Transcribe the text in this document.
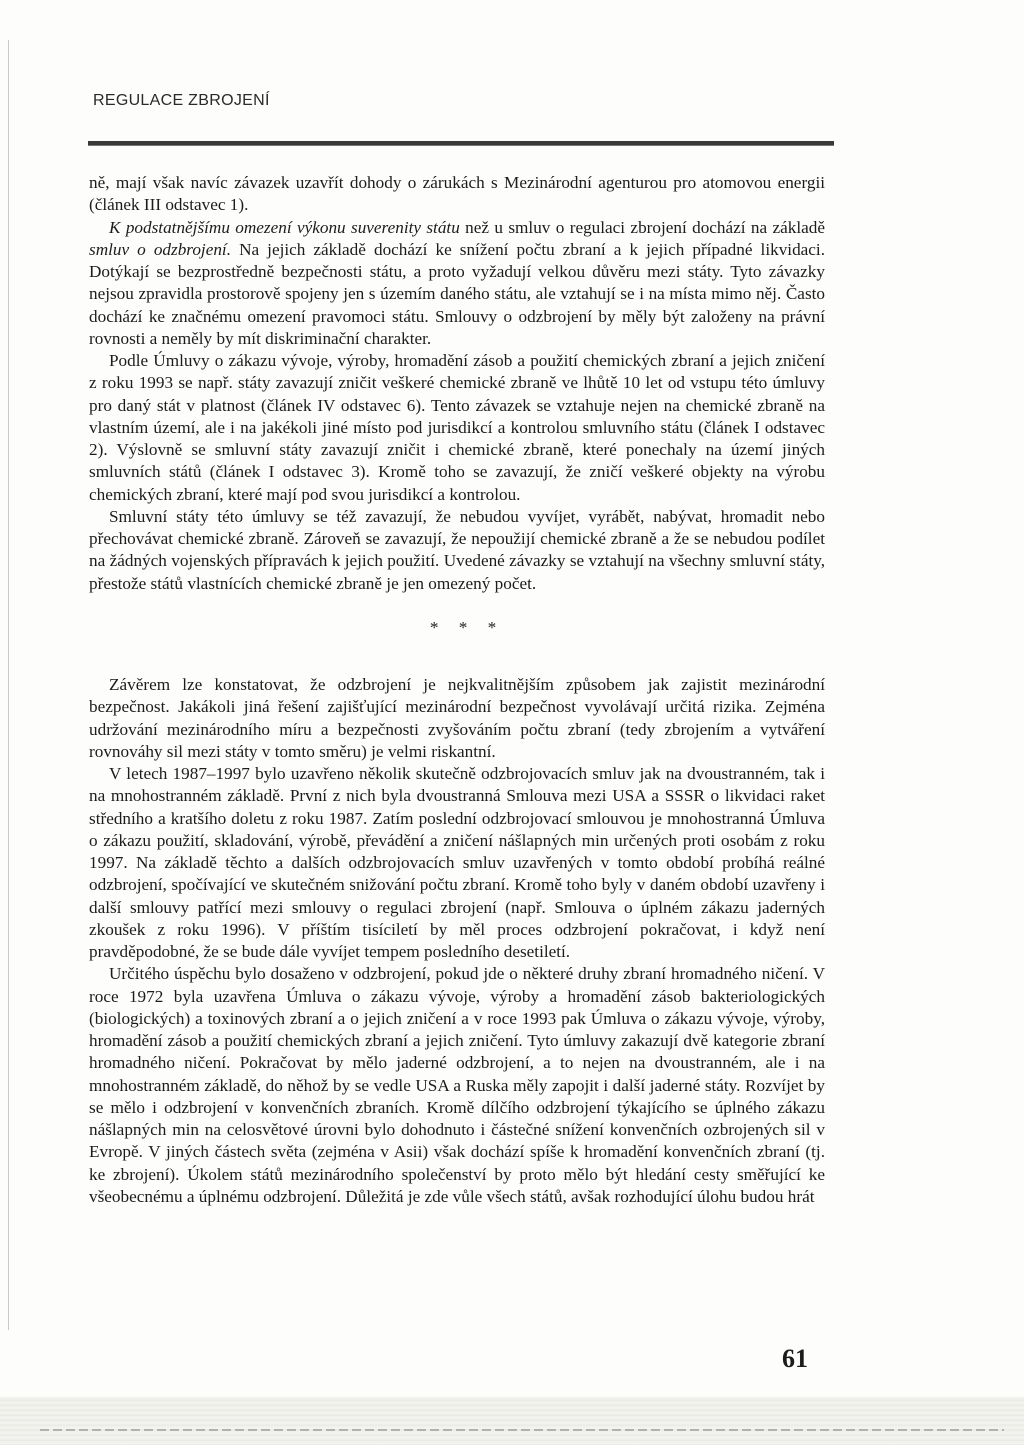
REGULACE ZBROJENÍ

ně, mají však navíc závazek uzavřít dohody o zárukách s Mezinárodní agenturou pro atomovou energii (článek III odstavec 1).

K podstatnějšímu omezení výkonu suverenity státu než u smluv o regulaci zbrojení dochází na základě smluv o odzbrojení. Na jejich základě dochází ke snížení počtu zbraní a k jejich případné likvidaci. Dotýkají se bezprostředně bezpečnosti státu, a proto vyžadují velkou důvěru mezi státy. Tyto závazky nejsou zpravidla prostorově spojeny jen s územím daného státu, ale vztahují se i na místa mimo něj. Často dochází ke značnému omezení pravomoci státu. Smlouvy o odzbrojení by měly být založeny na právní rovnosti a neměly by mít diskriminační charakter.

Podle Úmluvy o zákazu vývoje, výroby, hromadění zásob a použití chemických zbraní a jejich zničení z roku 1993 se např. státy zavazují zničit veškeré chemické zbraně ve lhůtě 10 let od vstupu této úmluvy pro daný stát v platnost (článek IV odstavec 6). Tento závazek se vztahuje nejen na chemické zbraně na vlastním území, ale i na jakékoli jiné místo pod jurisdikcí a kontrolou smluvního státu (článek I odstavec 2). Výslovně se smluvní státy zavazují zničit i chemické zbraně, které ponechaly na území jiných smluvních států (článek I odstavec 3). Kromě toho se zavazují, že zničí veškeré objekty na výrobu chemických zbraní, které mají pod svou jurisdikcí a kontrolou.

Smluvní státy této úmluvy se též zavazují, že nebudou vyvíjet, vyrábět, nabývat, hromadit nebo přechovávat chemické zbraně. Zároveň se zavazují, že nepoužijí chemické zbraně a že se nebudou podílet na žádných vojenských přípravách k jejich použití. Uvedené závazky se vztahují na všechny smluvní státy, přestože států vlastnících chemické zbraně je jen omezený počet.

* * *

Závěrem lze konstatovat, že odzbrojení je nejkvalitnějším způsobem jak zajistit mezinárodní bezpečnost. Jakákoli jiná řešení zajišťující mezinárodní bezpečnost vyvolávají určitá rizika. Zejména udržování mezinárodního míru a bezpečnosti zvyšováním počtu zbraní (tedy zbrojením a vytváření rovnováhy sil mezi státy v tomto směru) je velmi riskantní.

V letech 1987–1997 bylo uzavřeno několik skutečně odzbrojovacích smluv jak na dvoustranném, tak i na mnohostranném základě. První z nich byla dvoustranná Smlouva mezi USA a SSSR o likvidaci raket středního a kratšího doletu z roku 1987. Zatím poslední odzbrojovací smlouvou je mnohostranná Úmluva o zákazu použití, skladování, výrobě, převádění a zničení nášlapných min určených proti osobám z roku 1997. Na základě těchto a dalších odzbrojovacích smluv uzavřených v tomto období probíhá reálné odzbrojení, spočívající ve skutečném snižování počtu zbraní. Kromě toho byly v daném období uzavřeny i další smlouvy patřící mezi smlouvy o regulaci zbrojení (např. Smlouva o úplném zákazu jaderných zkoušek z roku 1996). V příštím tisíciletí by měl proces odzbrojení pokračovat, i když není pravděpodobné, že se bude dále vyvíjet tempem posledního desetiletí.

Určitého úspěchu bylo dosaženo v odzbrojení, pokud jde o některé druhy zbraní hromadného ničení. V roce 1972 byla uzavřena Úmluva o zákazu vývoje, výroby a hromadění zásob bakteriologických (biologických) a toxinových zbraní a o jejich zničení a v roce 1993 pak Úmluva o zákazu vývoje, výroby, hromadění zásob a použití chemických zbraní a jejich zničení. Tyto úmluvy zakazují dvě kategorie zbraní hromadného ničení. Pokračovat by mělo jaderné odzbrojení, a to nejen na dvoustranném, ale i na mnohostranném základě, do něhož by se vedle USA a Ruska měly zapojit i další jaderné státy. Rozvíjet by se mělo i odzbrojení v konvenčních zbraních. Kromě dílčího odzbrojení týkajícího se úplného zákazu nášlapných min na celosvětové úrovni bylo dohodnuto i částečné snížení konvenčních ozbrojených sil v Evropě. V jiných částech světa (zejména v Asii) však dochází spíše k hromadění konvenčních zbraní (tj. ke zbrojení). Úkolem států mezinárodního společenství by proto mělo být hledání cesty směřující ke všeobecnému a úplnému odzbrojení. Důležitá je zde vůle všech států, avšak rozhodující úlohu budou hrát

61
